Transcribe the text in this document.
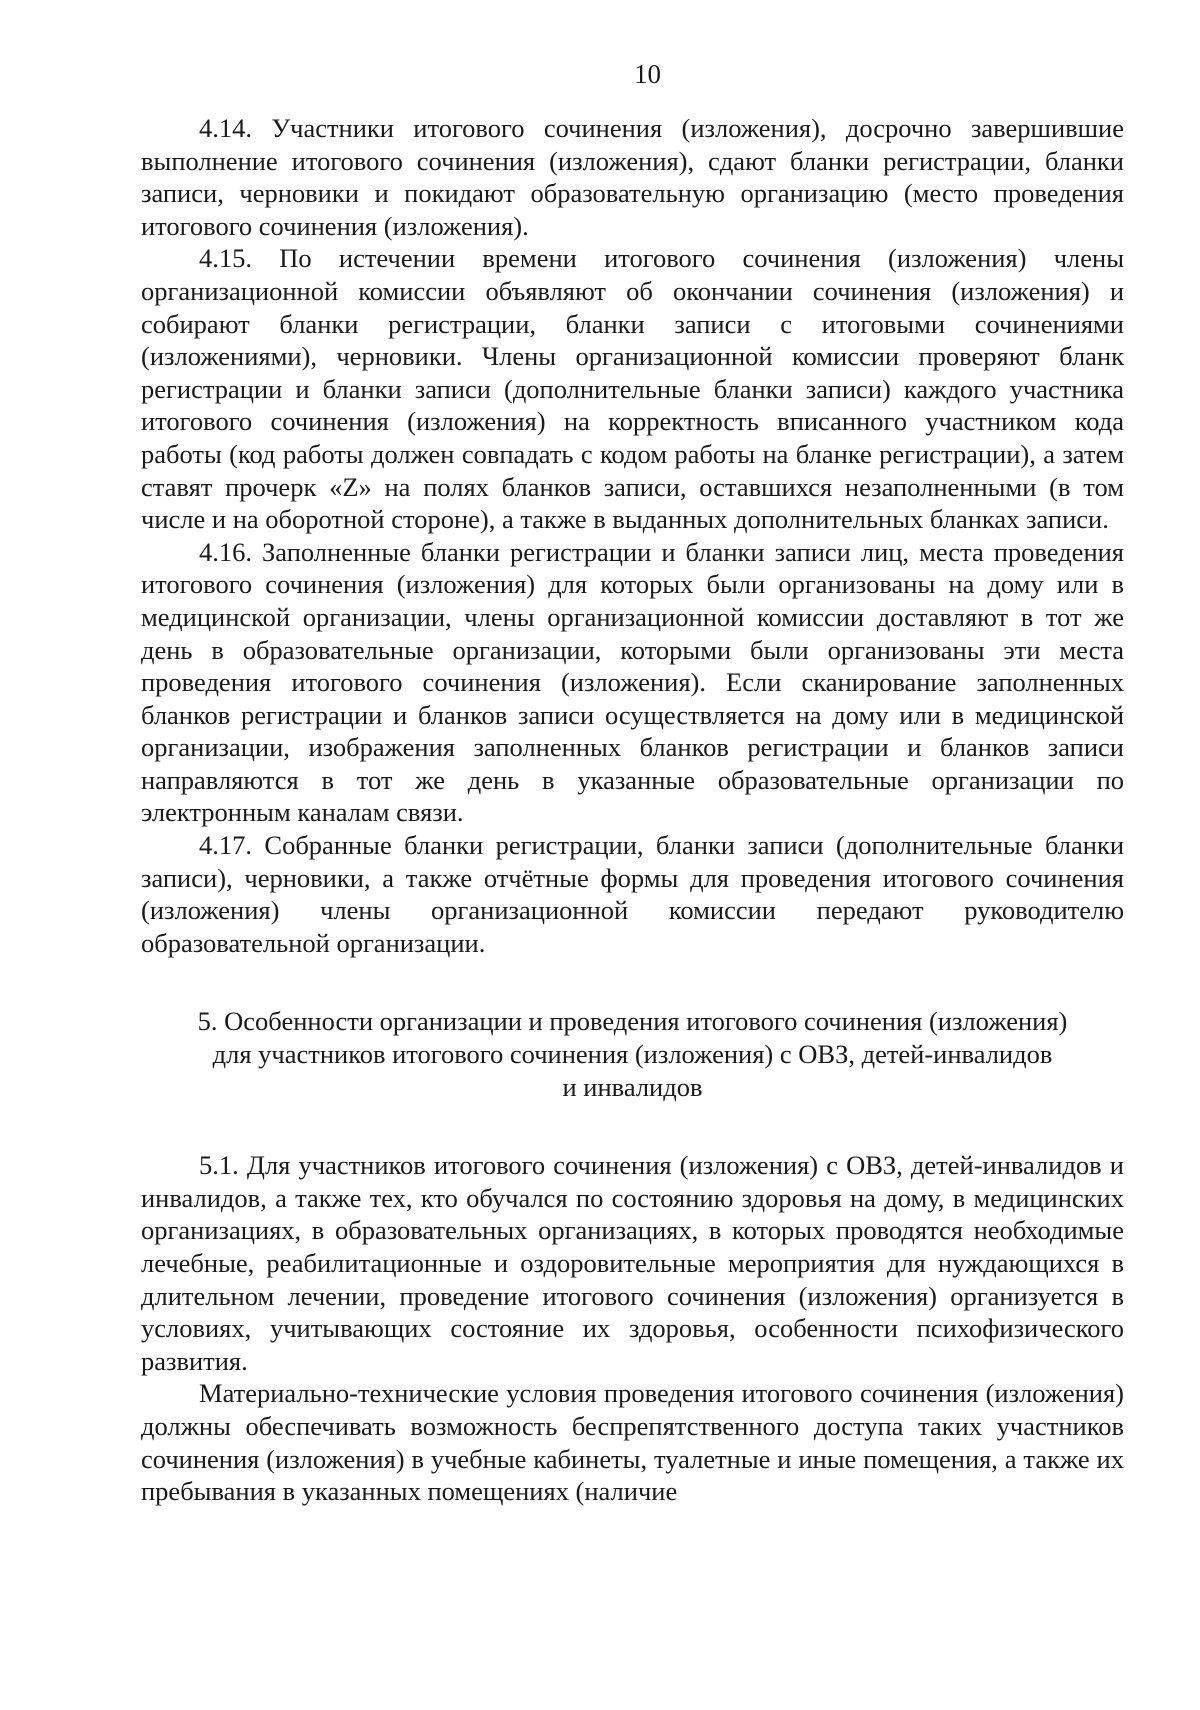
10

4.14. Участники итогового сочинения (изложения), досрочно завершившие выполнение итогового сочинения (изложения), сдают бланки регистрации, бланки записи, черновики и покидают образовательную организацию (место проведения итогового сочинения (изложения).

4.15. По истечении времени итогового сочинения (изложения) члены организационной комиссии объявляют об окончании сочинения (изложения) и собирают бланки регистрации, бланки записи с итоговыми сочинениями (изложениями), черновики. Члены организационной комиссии проверяют бланк регистрации и бланки записи (дополнительные бланки записи) каждого участника итогового сочинения (изложения) на корректность вписанного участником кода работы (код работы должен совпадать с кодом работы на бланке регистрации), а затем ставят прочерк «Z» на полях бланков записи, оставшихся незаполненными (в том числе и на оборотной стороне), а также в выданных дополнительных бланках записи.

4.16. Заполненные бланки регистрации и бланки записи лиц, места проведения итогового сочинения (изложения) для которых были организованы на дому или в медицинской организации, члены организационной комиссии доставляют в тот же день в образовательные организации, которыми были организованы эти места проведения итогового сочинения (изложения). Если сканирование заполненных бланков регистрации и бланков записи осуществляется на дому или в медицинской организации, изображения заполненных бланков регистрации и бланков записи направляются в тот же день в указанные образовательные организации по электронным каналам связи.

4.17. Собранные бланки регистрации, бланки записи (дополнительные бланки записи), черновики, а также отчётные формы для проведения итогового сочинения (изложения) члены организационной комиссии передают руководителю образовательной организации.

5. Особенности организации и проведения итогового сочинения (изложения)
для участников итогового сочинения (изложения) с ОВЗ, детей-инвалидов
и инвалидов

5.1. Для участников итогового сочинения (изложения) с ОВЗ, детей-инвалидов и инвалидов, а также тех, кто обучался по состоянию здоровья на дому, в медицинских организациях, в образовательных организациях, в которых проводятся необходимые лечебные, реабилитационные и оздоровительные мероприятия для нуждающихся в длительном лечении, проведение итогового сочинения (изложения) организуется в условиях, учитывающих состояние их здоровья, особенности психофизического развития.

Материально-технические условия проведения итогового сочинения (изложения) должны обеспечивать возможность беспрепятственного доступа таких участников сочинения (изложения) в учебные кабинеты, туалетные и иные помещения, а также их пребывания в указанных помещениях (наличие
